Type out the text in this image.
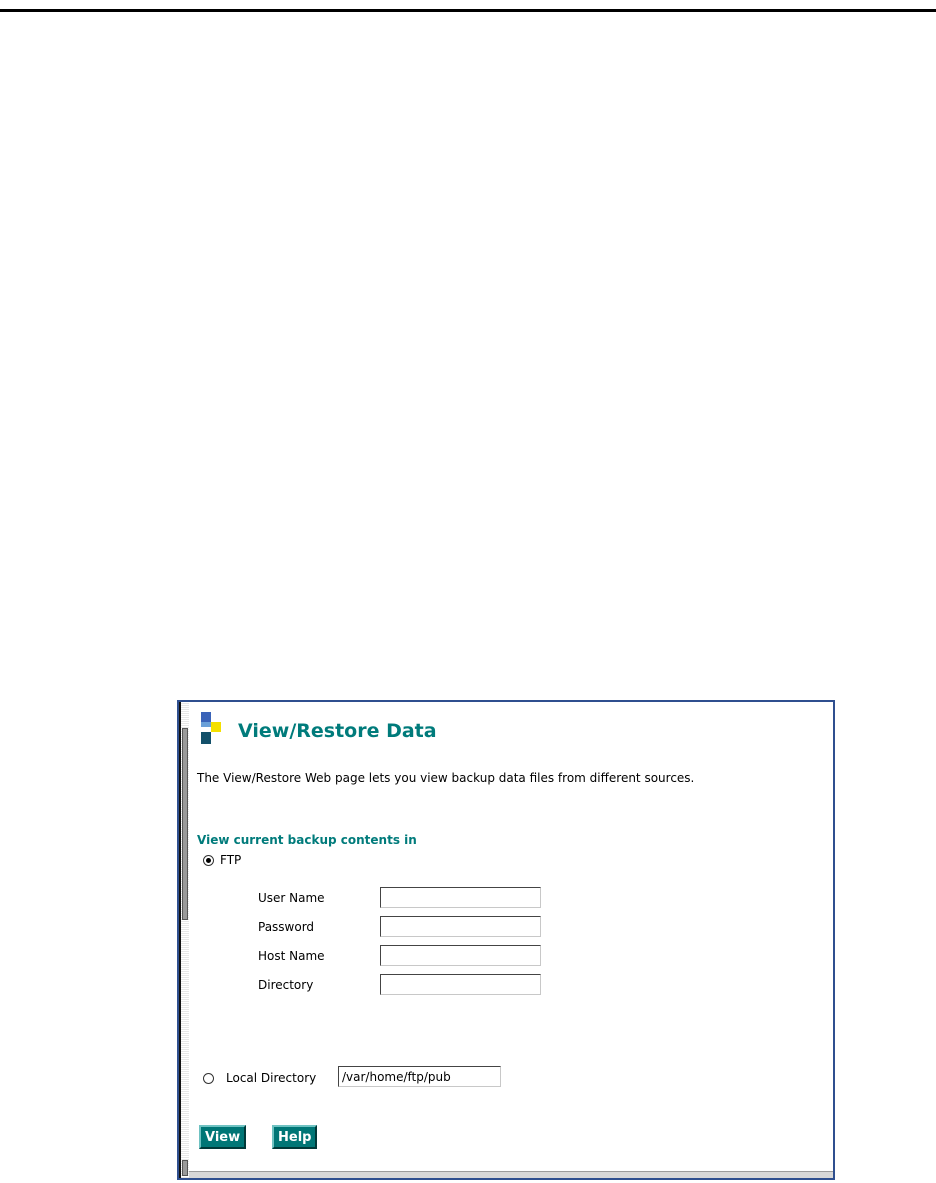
View/Restore Data
The View/Restore Web page lets you view backup data files from different sources.
View current backup contents in
FTP
User Name
Password
Host Name
Directory
Local Directory
/var/home/ftp/pub
View	Help
